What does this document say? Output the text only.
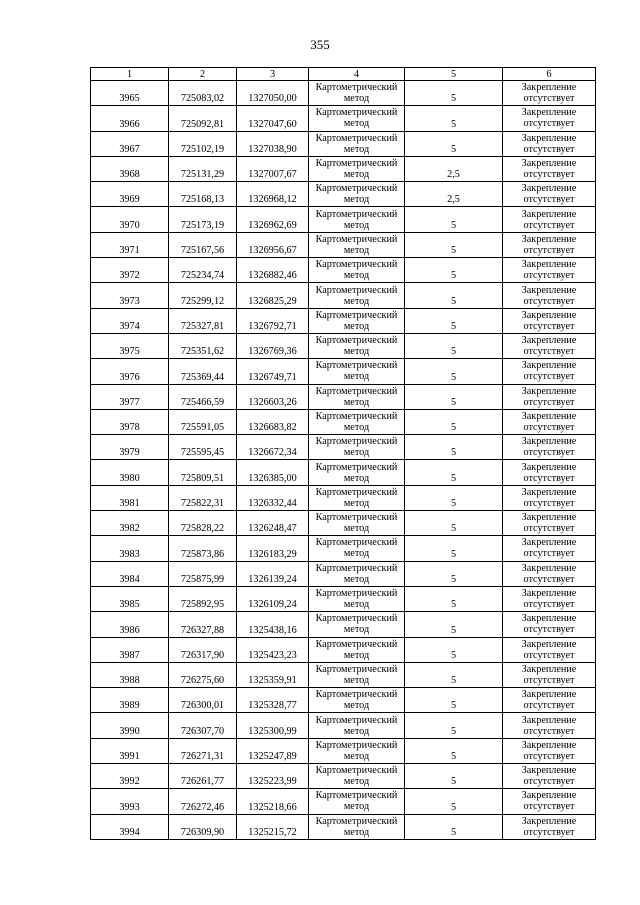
355
1	2	3	4	5	6
3965	725083,02	1327050,00	Картометрический метод	5	Закрепление отсутствует
3966	725092,81	1327047,60	Картометрический метод	5	Закрепление отсутствует
3967	725102,19	1327038,90	Картометрический метод	5	Закрепление отсутствует
3968	725131,29	1327007,67	Картометрический метод	2,5	Закрепление отсутствует
3969	725168,13	1326968,12	Картометрический метод	2,5	Закрепление отсутствует
3970	725173,19	1326962,69	Картометрический метод	5	Закрепление отсутствует
3971	725167,56	1326956,67	Картометрический метод	5	Закрепление отсутствует
3972	725234,74	1326882,46	Картометрический метод	5	Закрепление отсутствует
3973	725299,12	1326825,29	Картометрический метод	5	Закрепление отсутствует
3974	725327,81	1326792,71	Картометрический метод	5	Закрепление отсутствует
3975	725351,62	1326769,36	Картометрический метод	5	Закрепление отсутствует
3976	725369,44	1326749,71	Картометрический метод	5	Закрепление отсутствует
3977	725466,59	1326603,26	Картометрический метод	5	Закрепление отсутствует
3978	725591,05	1326683,82	Картометрический метод	5	Закрепление отсутствует
3979	725595,45	1326672,34	Картометрический метод	5	Закрепление отсутствует
3980	725809,51	1326385,00	Картометрический метод	5	Закрепление отсутствует
3981	725822,31	1326332,44	Картометрический метод	5	Закрепление отсутствует
3982	725828,22	1326248,47	Картометрический метод	5	Закрепление отсутствует
3983	725873,86	1326183,29	Картометрический метод	5	Закрепление отсутствует
3984	725875,99	1326139,24	Картометрический метод	5	Закрепление отсутствует
3985	725892,95	1326109,24	Картометрический метод	5	Закрепление отсутствует
3986	726327,88	1325438,16	Картометрический метод	5	Закрепление отсутствует
3987	726317,90	1325423,23	Картометрический метод	5	Закрепление отсутствует
3988	726275,60	1325359,91	Картометрический метод	5	Закрепление отсутствует
3989	726300,01	1325328,77	Картометрический метод	5	Закрепление отсутствует
3990	726307,70	1325300,99	Картометрический метод	5	Закрепление отсутствует
3991	726271,31	1325247,89	Картометрический метод	5	Закрепление отсутствует
3992	726261,77	1325223,99	Картометрический метод	5	Закрепление отсутствует
3993	726272,46	1325218,66	Картометрический метод	5	Закрепление отсутствует
3994	726309,90	1325215,72	Картометрический метод	5	Закрепление отсутствует
